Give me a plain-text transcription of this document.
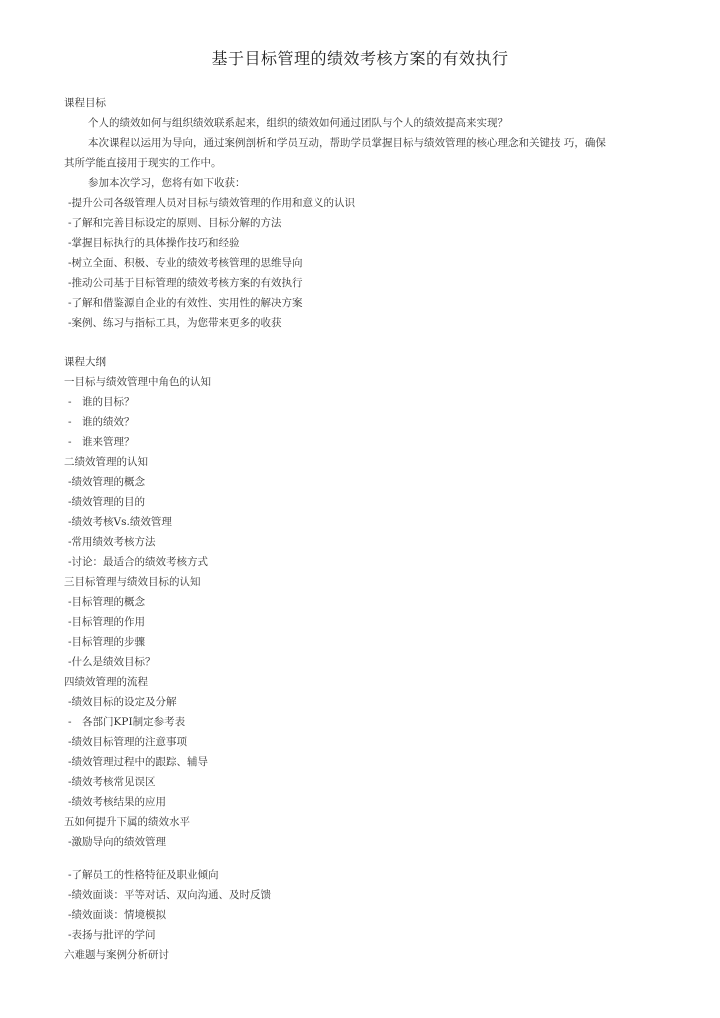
基于目标管理的绩效考核方案的有效执行
课程目标
个人的绩效如何与组织绩效联系起来，组织的绩效如何通过团队与个人的绩效提高来实现？
本次课程以运用为导向，通过案例剖析和学员互动，帮助学员掌握目标与绩效管理的核心理念和关键技 巧，确保
其所学能直接用于现实的工作中。
参加本次学习，您将有如下收获：
-提升公司各级管理人员对目标与绩效管理的作用和意义的认识
-了解和完善目标设定的原则、目标分解的方法
-掌握目标执行的具体操作技巧和经验
-树立全面、积极、专业的绩效考核管理的思维导向
-推动公司基于目标管理的绩效考核方案的有效执行
-了解和借鉴源自企业的有效性、实用性的解决方案
-案例、练习与指标工具，为您带来更多的收获
课程大纲
一目标与绩效管理中角色的认知
-　谁的目标？
-　谁的绩效？
-　谁来管理？
二绩效管理的认知
-绩效管理的概念
-绩效管理的目的
-绩效考核Vs.绩效管理
-常用绩效考核方法
-讨论：最适合的绩效考核方式
三目标管理与绩效目标的认知
-目标管理的概念
-目标管理的作用
-目标管理的步骤
-什么是绩效目标？
四绩效管理的流程
-绩效目标的设定及分解
-　各部门KPI制定参考表
-绩效目标管理的注意事项
-绩效管理过程中的跟踪、辅导
-绩效考核常见误区
-绩效考核结果的应用
五如何提升下属的绩效水平
-激励导向的绩效管理
-了解员工的性格特征及职业倾向
-绩效面谈：平等对话、双向沟通、及时反馈
-绩效面谈：情境模拟
-表扬与批评的学问
六难题与案例分析研讨
